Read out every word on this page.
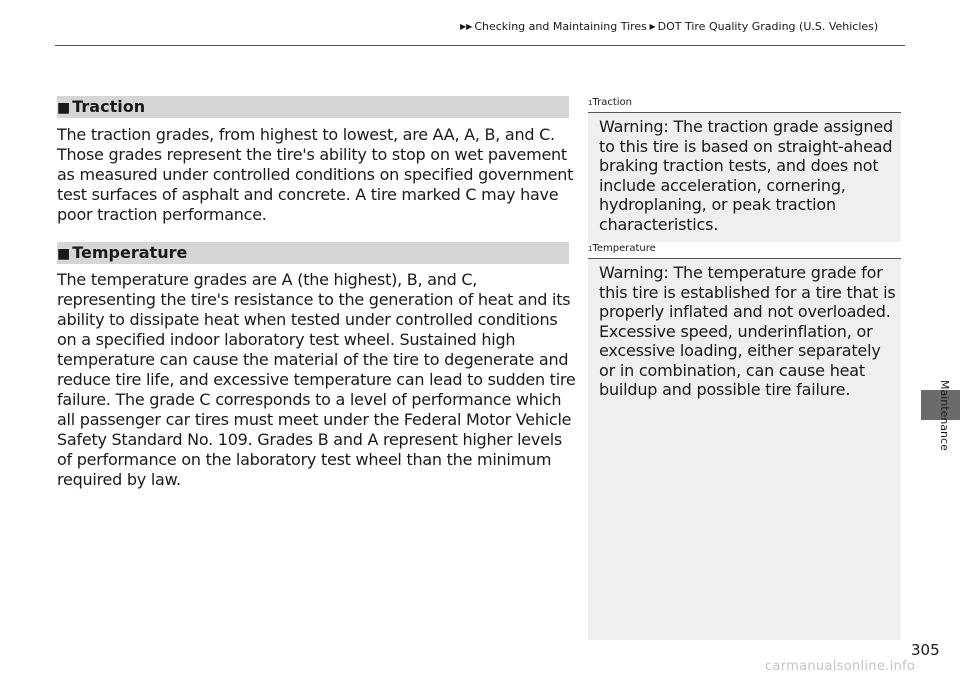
▶▶ Checking and Maintaining Tires ▶ DOT Tire Quality Grading (U.S. Vehicles)
■ Traction
The traction grades, from highest to lowest, are AA, A, B, and C. Those grades represent the tire's ability to stop on wet pavement as measured under controlled conditions on specified government test surfaces of asphalt and concrete. A tire marked C may have poor traction performance.
■ Temperature
The temperature grades are A (the highest), B, and C, representing the tire's resistance to the generation of heat and its ability to dissipate heat when tested under controlled conditions on a specified indoor laboratory test wheel. Sustained high temperature can cause the material of the tire to degenerate and reduce tire life, and excessive temperature can lead to sudden tire failure. The grade C corresponds to a level of performance which all passenger car tires must meet under the Federal Motor Vehicle Safety Standard No. 109. Grades B and A represent higher levels of performance on the laboratory test wheel than the minimum required by law.
$^1$Traction
Warning: The traction grade assigned to this tire is based on straight-ahead braking traction tests, and does not include acceleration, cornering, hydroplaning, or peak traction characteristics.
$^1$Temperature
Warning: The temperature grade for this tire is established for a tire that is properly inflated and not overloaded. Excessive speed, underinflation, or excessive loading, either separately or in combination, can cause heat buildup and possible tire failure.	Maintenance
305
carmanualsonline.info
